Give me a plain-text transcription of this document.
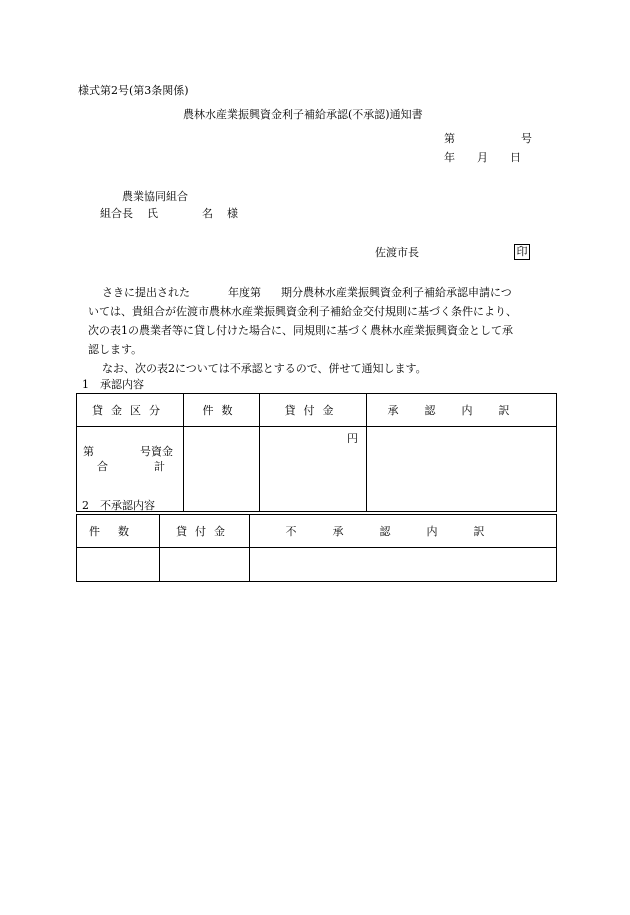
様式第2号(第3条関係)
農林水産業振興資金利子補給承認(不承認)通知書
第	号
年 月 日
農業協同組合
組合長 氏	名 様
佐渡市長	印

さきに提出された	年度第 期分農林水産業振興資金利子補給承認申請につ

いては、貴組合が佐渡市農林水産業振興資金利子補給金交付規則に基づく条件により、

次の表1の農業者等に貸し付けた場合に、同規則に基づく農林水産業振興資金として承

認します。

なお、次の表2については不承認とするので、併せて通知します。

1　承認内容
貸金区分	件数	貸付金	承認内訳

第 号資金
合 計		円	
2　不承認内容
件数	貸付金	不承認内訳
